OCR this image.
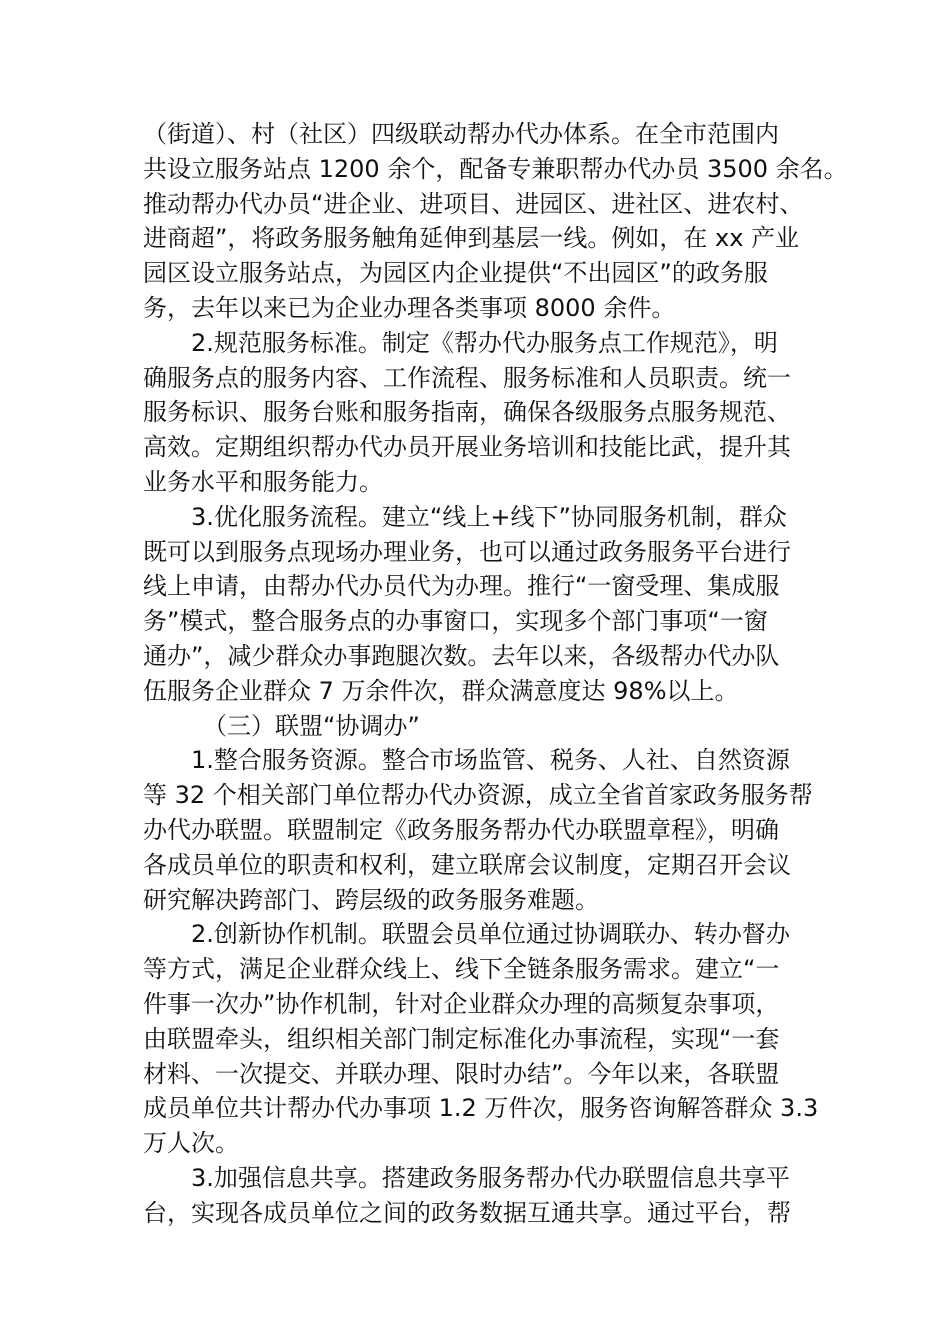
（街道）、村（社区）四级联动帮办代办体系。在全市范围内
共设立服务站点 1200 余个，配备专兼职帮办代办员 3500 余名。
推动帮办代办员“进企业、进项目、进园区、进社区、进农村、
进商超”，将政务服务触角延伸到基层一线。例如，在 xx 产业
园区设立服务站点，为园区内企业提供“不出园区”的政务服
务，去年以来已为企业办理各类事项 8000 余件。
2.规范服务标准。制定《帮办代办服务点工作规范》，明
确服务点的服务内容、工作流程、服务标准和人员职责。统一
服务标识、服务台账和服务指南，确保各级服务点服务规范、
高效。定期组织帮办代办员开展业务培训和技能比武，提升其
业务水平和服务能力。
3.优化服务流程。建立“线上+线下”协同服务机制，群众
既可以到服务点现场办理业务，也可以通过政务服务平台进行
线上申请，由帮办代办员代为办理。推行“一窗受理、集成服
务”模式，整合服务点的办事窗口，实现多个部门事项“一窗
通办”，减少群众办事跑腿次数。去年以来，各级帮办代办队
伍服务企业群众 7 万余件次，群众满意度达 98%以上。
（三）联盟“协调办”
1.整合服务资源。整合市场监管、税务、人社、自然资源
等 32 个相关部门单位帮办代办资源，成立全省首家政务服务帮
办代办联盟。联盟制定《政务服务帮办代办联盟章程》，明确
各成员单位的职责和权利，建立联席会议制度，定期召开会议
研究解决跨部门、跨层级的政务服务难题。
2.创新协作机制。联盟会员单位通过协调联办、转办督办
等方式，满足企业群众线上、线下全链条服务需求。建立“一
件事一次办”协作机制，针对企业群众办理的高频复杂事项，
由联盟牵头，组织相关部门制定标准化办事流程，实现“一套
材料、一次提交、并联办理、限时办结”。今年以来，各联盟
成员单位共计帮办代办事项 1.2 万件次，服务咨询解答群众 3.3
万人次。
3.加强信息共享。搭建政务服务帮办代办联盟信息共享平
台，实现各成员单位之间的政务数据互通共享。通过平台，帮
